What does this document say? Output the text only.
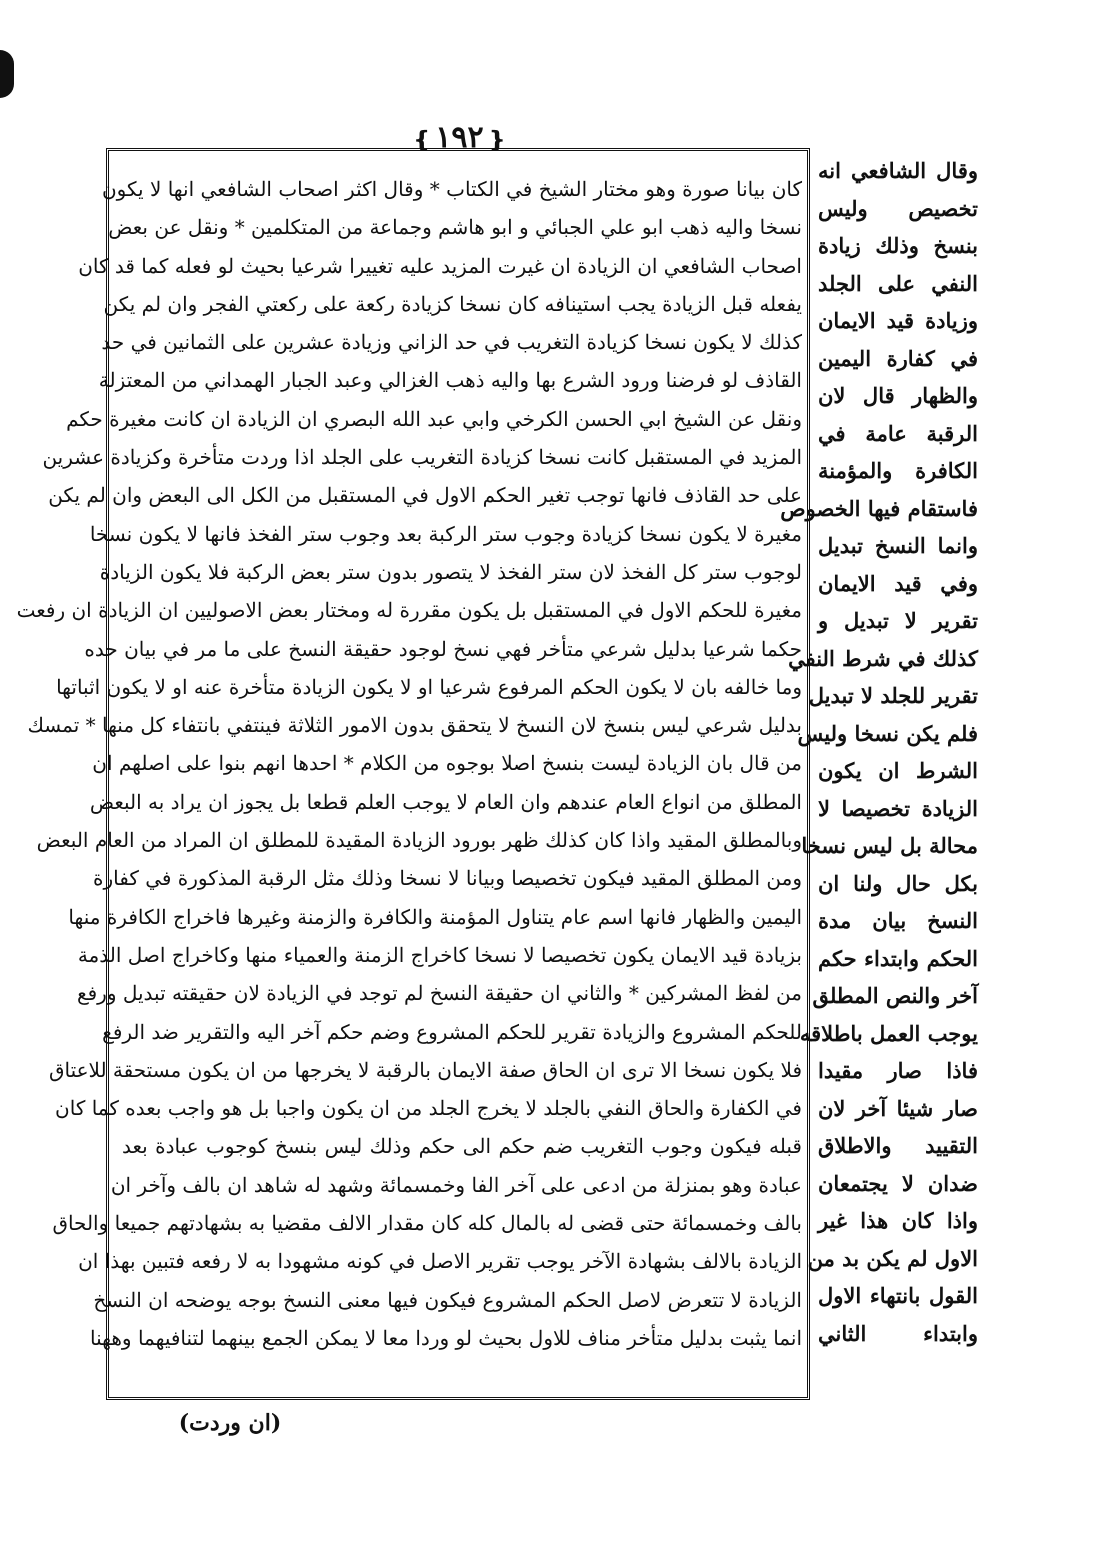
❴١٩٢❵
كان بيانا صورة وهو مختار الشيخ في الكتاب * وقال اكثر اصحاب الشافعي انها لا يكون
نسخا واليه ذهب ابو علي الجبائي و ابو هاشم وجماعة من المتكلمين * ونقل عن بعض
اصحاب الشافعي ان الزيادة ان غيرت المزيد عليه تغييرا شرعيا بحيث لو فعله كما قد كان
يفعله قبل الزيادة يجب استينافه كان نسخا كزيادة ركعة على ركعتي الفجر وان لم يكن
كذلك لا يكون نسخا كزيادة التغريب في حد الزاني وزيادة عشرين على الثمانين في حد
القاذف لو فرضنا ورود الشرع بها واليه ذهب الغزالي وعبد الجبار الهمداني من المعتزلة
ونقل عن الشيخ ابي الحسن الكرخي وابي عبد الله البصري ان الزيادة ان كانت مغيرة حكم
المزيد في المستقبل كانت نسخا كزيادة التغريب على الجلد اذا وردت متأخرة وكزيادة عشرين
على حد القاذف فانها توجب تغير الحكم الاول في المستقبل من الكل الى البعض وان لم يكن
مغيرة لا يكون نسخا كزيادة وجوب ستر الركبة بعد وجوب ستر الفخذ فانها لا يكون نسخا
لوجوب ستر كل الفخذ لان ستر الفخذ لا يتصور بدون ستر بعض الركبة فلا يكون الزيادة
مغيرة للحكم الاول في المستقبل بل يكون مقررة له ومختار بعض الاصوليين ان الزيادة ان رفعت
حكما شرعيا بدليل شرعي متأخر فهي نسخ لوجود حقيقة النسخ على ما مر في بيان حده
وما خالفه بان لا يكون الحكم المرفوع شرعيا او لا يكون الزيادة متأخرة عنه او لا يكون اثباتها
بدليل شرعي ليس بنسخ لان النسخ لا يتحقق بدون الامور الثلاثة فينتفي بانتفاء كل منها * تمسك
من قال بان الزيادة ليست بنسخ اصلا بوجوه من الكلام * احدها انهم بنوا على اصلهم ان
المطلق من انواع العام عندهم وان العام لا يوجب العلم قطعا بل يجوز ان يراد به البعض
وبالمطلق المقيد واذا كان كذلك ظهر بورود الزيادة المقيدة للمطلق ان المراد من العام البعض
ومن المطلق المقيد فيكون تخصيصا وبيانا لا نسخا وذلك مثل الرقبة المذكورة في كفارة
اليمين والظهار فانها اسم عام يتناول المؤمنة والكافرة والزمنة وغيرها فاخراج الكافرة منها
بزيادة قيد الايمان يكون تخصيصا لا نسخا كاخراج الزمنة والعمياء منها وكاخراج اصل الذمة
من لفظ المشركين * والثاني ان حقيقة النسخ لم توجد في الزيادة لان حقيقته تبديل ورفع
للحكم المشروع والزيادة تقرير للحكم المشروع وضم حكم آخر اليه والتقرير ضد الرفع
فلا يكون نسخا الا ترى ان الحاق صفة الايمان بالرقبة لا يخرجها من ان يكون مستحقة للاعتاق
في الكفارة والحاق النفي بالجلد لا يخرج الجلد من ان يكون واجبا بل هو واجب بعده كما كان
قبله فيكون وجوب التغريب ضم حكم الى حكم وذلك ليس بنسخ كوجوب عبادة بعد
عبادة وهو بمنزلة من ادعى على آخر الفا وخمسمائة وشهد له شاهد ان بالف وآخر ان
بالف وخمسمائة حتى قضى له بالمال كله كان مقدار الالف مقضيا به بشهادتهم جميعا والحاق
الزيادة بالالف بشهادة الآخر يوجب تقرير الاصل في كونه مشهودا به لا رفعه فتبين بهذا ان
الزيادة لا تتعرض لاصل الحكم المشروع فيكون فيها معنى النسخ بوجه يوضحه ان النسخ
انما يثبت بدليل متأخر مناف للاول بحيث لو وردا معا لا يمكن الجمع بينهما لتنافيهما وههنا
وقال الشافعي انه
تخصيص وليس
بنسخ وذلك زيادة
النفي على الجلد
وزيادة قيد الايمان
في كفارة اليمين
والظهار قال لان
الرقبة عامة في
الكافرة والمؤمنة
فاستقام فيها الخصوص
وانما النسخ تبديل
وفي قيد الايمان
تقرير لا تبديل و
كذلك في شرط النفي
تقرير للجلد لا تبديل
فلم يكن نسخا وليس
الشرط ان يكون
الزيادة تخصيصا لا
محالة بل ليس نسخا
بكل حال ولنا ان
النسخ بيان مدة
الحكم وابتداء حكم
آخر والنص المطلق
يوجب العمل باطلاقه
فاذا صار مقيدا
صار شيئا آخر لان
التقييد والاطلاق
ضدان لا يجتمعان
واذا كان هذا غير
الاول لم يكن بد من
القول بانتهاء الاول
وابتداء الثاني
(ان وردت)
